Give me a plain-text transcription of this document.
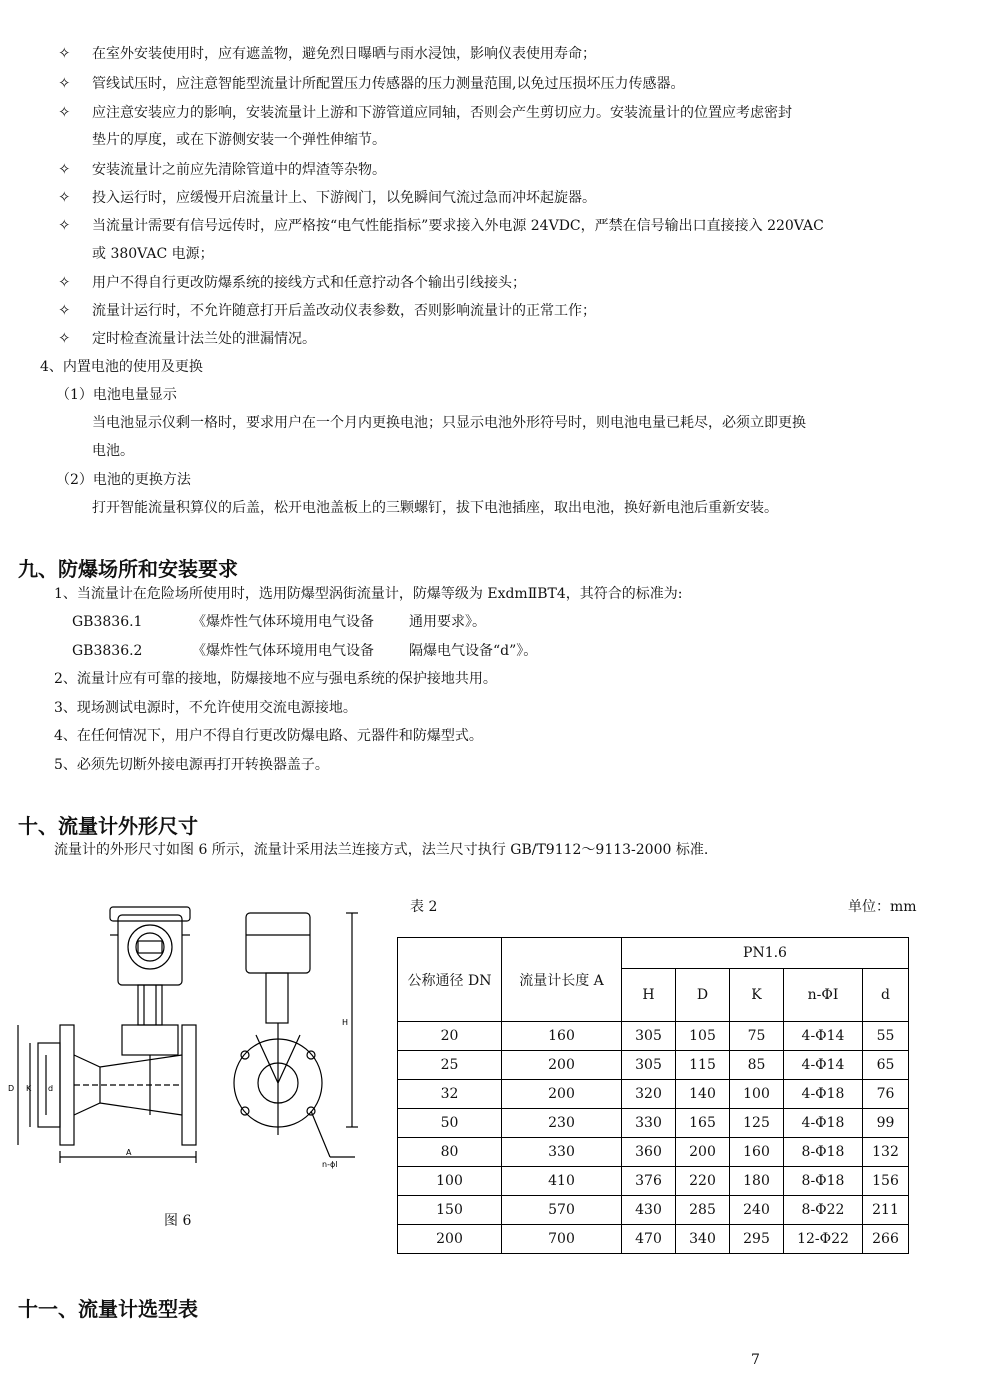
✧ 在室外安装使用时，应有遮盖物，避免烈日曝晒与雨水浸蚀，影响仪表使用寿命；
✧ 管线试压时，应注意智能型流量计所配置压力传感器的压力测量范围,以免过压损坏压力传感器。
✧ 应注意安装应力的影响，安装流量计上游和下游管道应同轴，否则会产生剪切应力。安装流量计的位置应考虑密封
垫片的厚度，或在下游侧安装一个弹性伸缩节。
✧ 安装流量计之前应先清除管道中的焊渣等杂物。
✧ 投入运行时，应缓慢开启流量计上、下游阀门，以免瞬间气流过急而冲坏起旋器。
✧ 当流量计需要有信号远传时，应严格按“电气性能指标”要求接入外电源 24VDC，严禁在信号输出口直接接入 220VAC
或 380VAC 电源；
✧ 用户不得自行更改防爆系统的接线方式和任意拧动各个输出引线接头；
✧ 流量计运行时，不允许随意打开后盖改动仪表参数，否则影响流量计的正常工作；
✧ 定时检查流量计法兰处的泄漏情况。
4、内置电池的使用及更换
（1）电池电量显示
当电池显示仪剩一格时，要求用户在一个月内更换电池；只显示电池外形符号时，则电池电量已耗尽，必须立即更换
电池。
（2）电池的更换方法
打开智能流量积算仪的后盖，松开电池盖板上的三颗螺钉，拔下电池插座，取出电池，换好新电池后重新安装。
九、防爆场所和安装要求
1、当流量计在危险场所使用时，选用防爆型涡街流量计，防爆等级为 ExdmⅡBT4，其符合的标准为:
GB3836.1	《爆炸性气体环境用电气设备	通用要求》。
GB3836.2	《爆炸性气体环境用电气设备	隔爆电气设备“d”》。
2、流量计应有可靠的接地，防爆接地不应与强电系统的保护接地共用。
3、现场测试电源时，不允许使用交流电源接地。
4、在任何情况下，用户不得自行更改防爆电路、元器件和防爆型式。
5、必须先切断外接电源再打开转换器盖子。
十、流量计外形尺寸
流量计的外形尺寸如图 6 所示，流量计采用法兰连接方式，法兰尺寸执行 GB/T9112～9113-2000 标准.
D K d
A
H
n-ϕl
图 6
表 2	单位：mm
公称通径 DN	流量计长度 A	PN1.6				
		H	D	K	n-ΦI	d
20	160	305	105	75	4-Φ14	55
25	200	305	115	85	4-Φ14	65
32	200	320	140	100	4-Φ18	76
50	230	330	165	125	4-Φ18	99
80	330	360	200	160	8-Φ18	132
100	410	376	220	180	8-Φ18	156
150	570	430	285	240	8-Φ22	211
200	700	470	340	295	12-Φ22	266
十一、流量计选型表
7
